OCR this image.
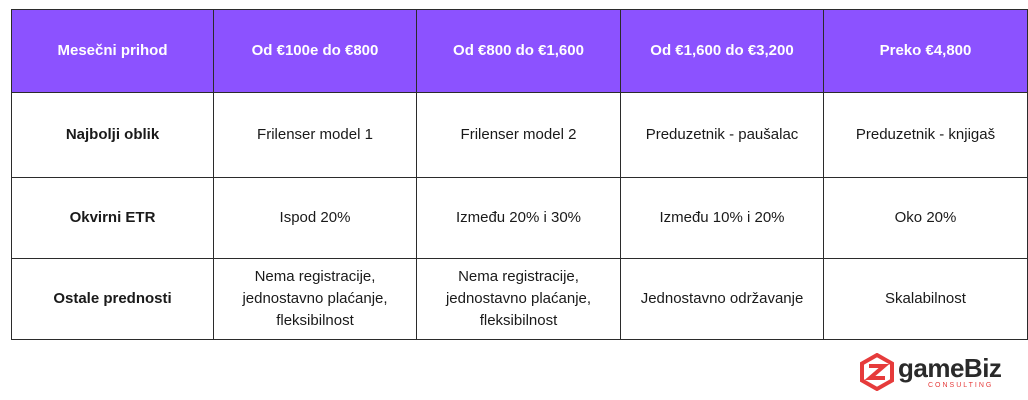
Mesečni prihod	Od €100e do €800	Od €800 do €1,600	Od €1,600 do €3,200	Preko €4,800
Najbolji oblik	Frilenser model 1	Frilenser model 2	Preduzetnik - paušalac	Preduzetnik - knjigaš
Okvirni ETR	Ispod 20%	Između 20% i 30%	Između 10% i 20%	Oko 20%
Ostale prednosti	Nema registracije, jednostavno plaćanje, fleksibilnost	Nema registracije, jednostavno plaćanje, fleksibilnost	Jednostavno održavanje	Skalabilnost
gameBiz
CONSULTING
